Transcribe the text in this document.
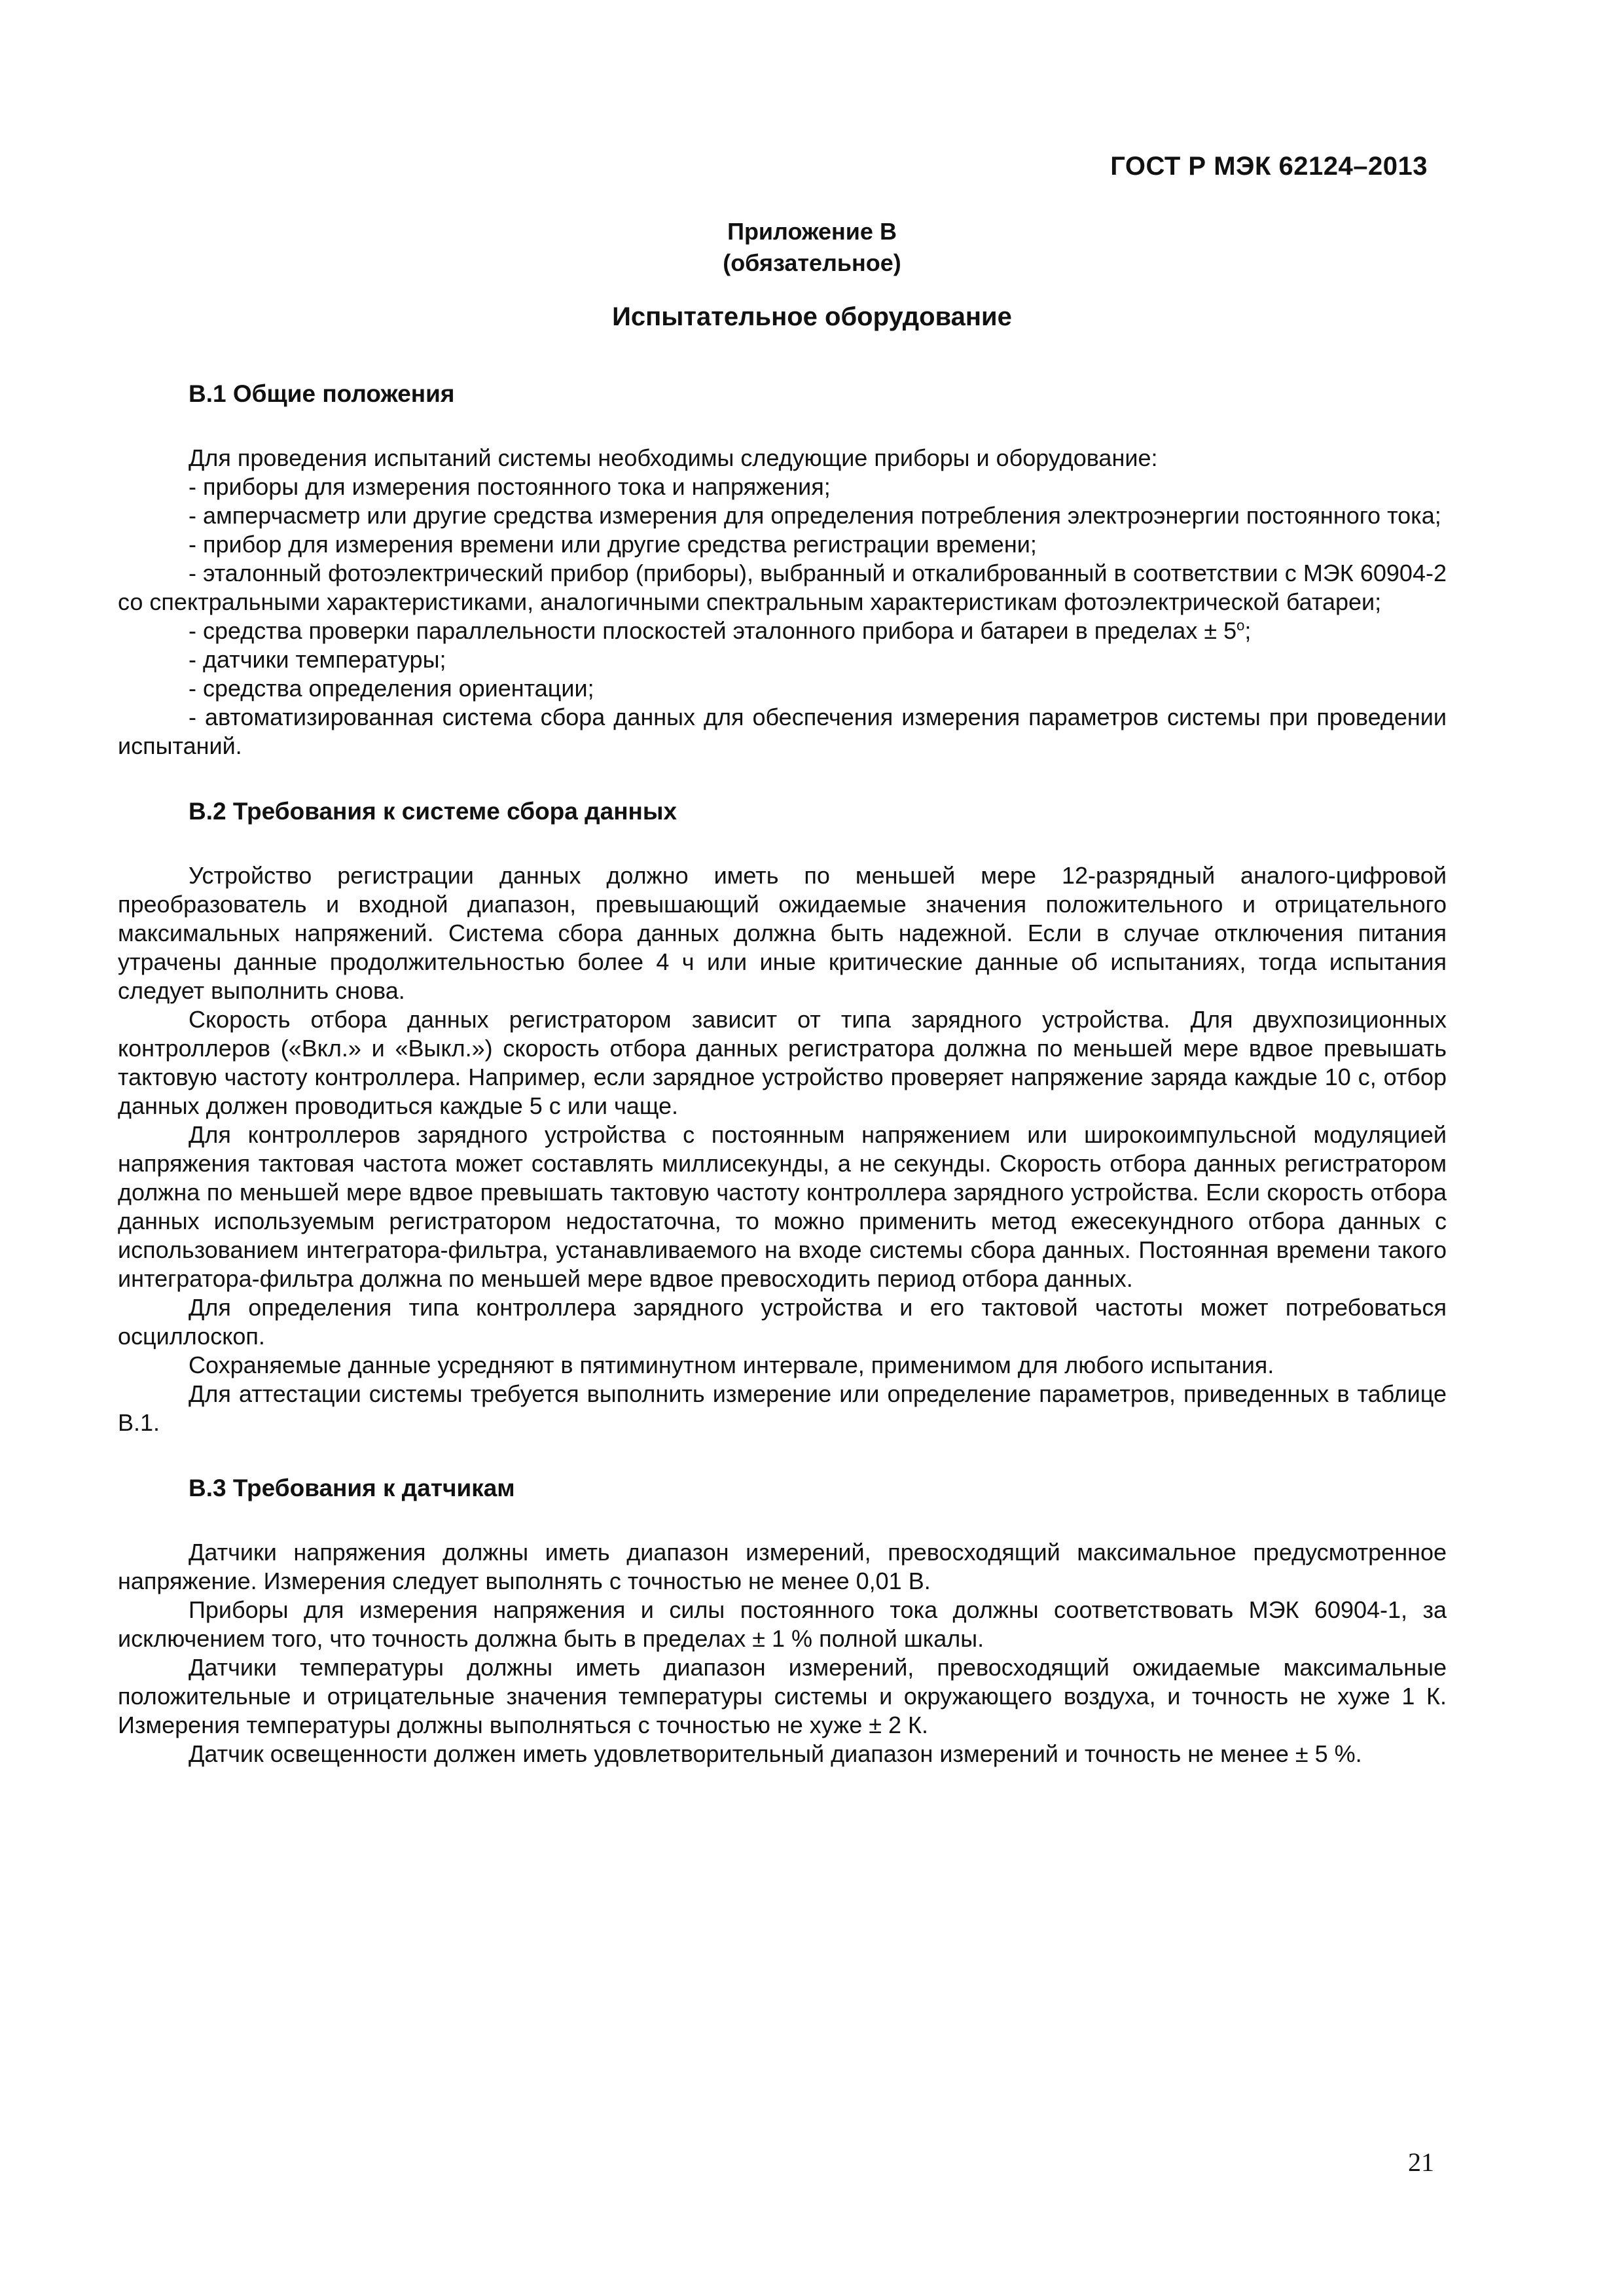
ГОСТ Р МЭК 62124–2013
Приложение В
(обязательное)
Испытательное оборудование

В.1 Общие положения

Для проведения испытаний системы необходимы следующие приборы и оборудование:

- приборы для измерения постоянного тока и напряжения;

- амперчасметр или другие средства измерения для определения потребления электроэнергии постоянного тока;

- прибор для измерения времени или другие средства регистрации времени;

- эталонный фотоэлектрический прибор (приборы), выбранный и откалиброванный в соответствии с МЭК 60904-2 со спектральными характеристиками, аналогичными спектральным характеристикам фотоэлектрической батареи;

- средства проверки параллельности плоскостей эталонного прибора и батареи в пределах ± $5^о$;

- датчики температуры;

- средства определения ориентации;

- автоматизированная система сбора данных для обеспечения измерения параметров системы при проведении испытаний.

В.2 Требования к системе сбора данных

Устройство регистрации данных должно иметь по меньшей мере 12-разрядный аналого-цифровой преобразователь и входной диапазон, превышающий ожидаемые значения положительного и отрицательного максимальных напряжений. Система сбора данных должна быть надежной. Если в случае отключения питания утрачены данные продолжительностью более 4 ч или иные критические данные об испытаниях, тогда испытания следует выполнить снова.

Скорость отбора данных регистратором зависит от типа зарядного устройства. Для двухпозиционных контроллеров («Вкл.» и «Выкл.») скорость отбора данных регистратора должна по меньшей мере вдвое превышать тактовую частоту контроллера. Например, если зарядное устройство проверяет напряжение заряда каждые 10 с, отбор данных должен проводиться каждые 5 с или чаще.

Для контроллеров зарядного устройства с постоянным напряжением или широкоимпульсной модуляцией напряжения тактовая частота может составлять миллисекунды, а не секунды. Скорость отбора данных регистратором должна по меньшей мере вдвое превышать тактовую частоту контроллера зарядного устройства. Если скорость отбора данных используемым регистратором недостаточна, то можно применить метод ежесекундного отбора данных с использованием интегратора-фильтра, устанавливаемого на входе системы сбора данных. Постоянная времени такого интегратора-фильтра должна по меньшей мере вдвое превосходить период отбора данных.

Для определения типа контроллера зарядного устройства и его тактовой частоты может потребоваться осциллоскоп.

Сохраняемые данные усредняют в пятиминутном интервале, применимом для любого испытания.

Для аттестации системы требуется выполнить измерение или определение параметров, приведенных в таблице В.1.

В.3 Требования к датчикам

Датчики напряжения должны иметь диапазон измерений, превосходящий максимальное предусмотренное напряжение. Измерения следует выполнять с точностью не менее 0,01 В.

Приборы для измерения напряжения и силы постоянного тока должны соответствовать МЭК 60904-1, за исключением того, что точность должна быть в пределах ± 1 % полной шкалы.

Датчики температуры должны иметь диапазон измерений, превосходящий ожидаемые максимальные положительные и отрицательные значения температуры системы и окружающего воздуха, и точность не хуже 1 К. Измерения температуры должны выполняться с точностью не хуже ± 2 К.

Датчик освещенности должен иметь удовлетворительный диапазон измерений и точность не менее ± 5 %.

21
